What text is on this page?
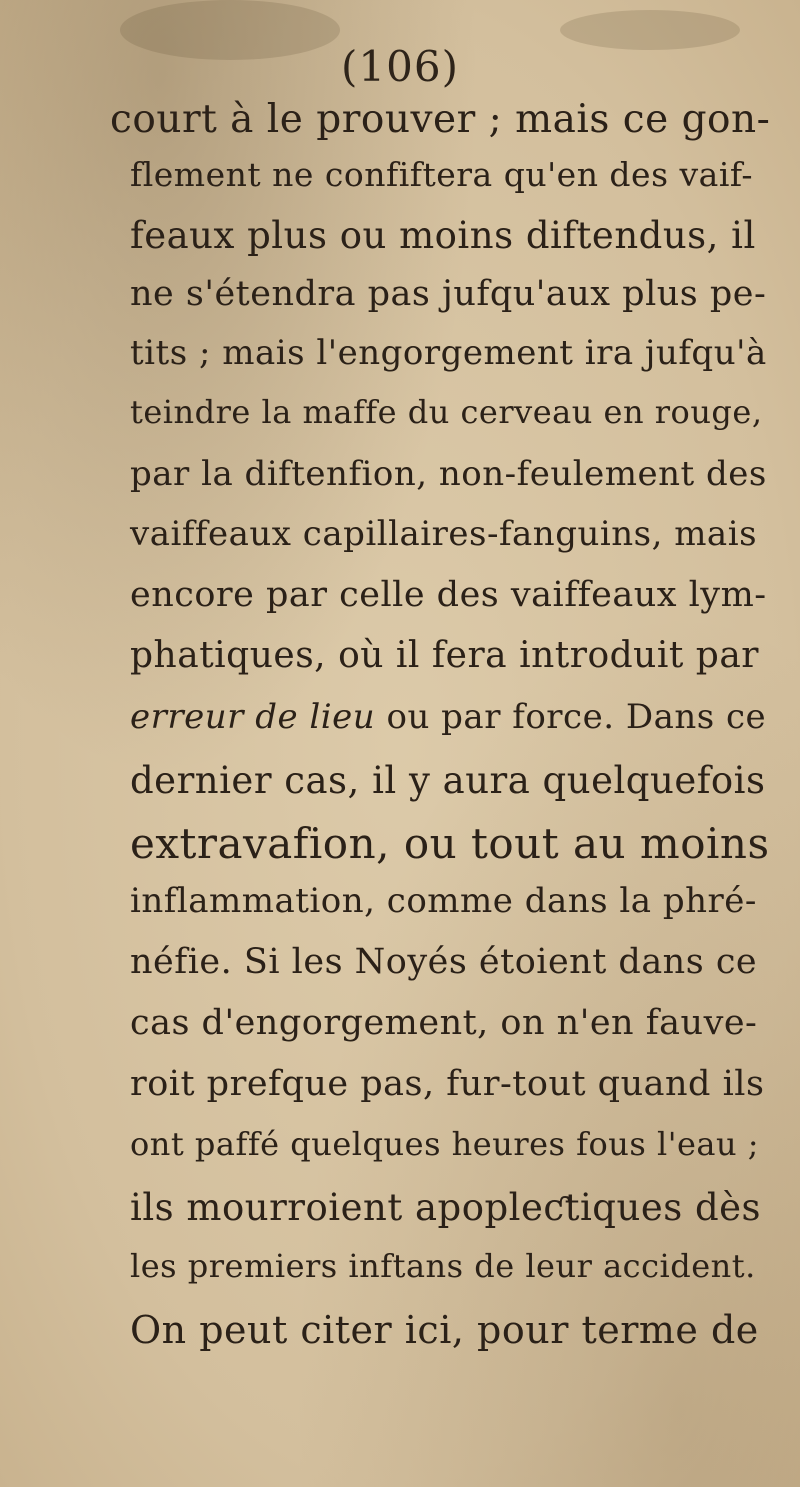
(106)
court à le prouver ; mais ce gon-
flement ne confiftera qu'en des vaif-
feaux plus ou moins diftendus, il
ne s'étendra pas jufqu'aux plus pe-
tits ; mais l'engorgement ira jufqu'à
teindre la maffe du cerveau en rouge,
par la diftenfion, non-feulement des
vaiffeaux capillaires-fanguins, mais
encore par celle des vaiffeaux lym-
phatiques, où il fera introduit par
erreur de lieu ou par force. Dans ce
dernier cas, il y aura quelquefois
extravafion, ou tout au moins
inflammation, comme dans la phré-
néfie. Si les Noyés étoient dans ce
cas d'engorgement, on n'en fauve-
roit prefque pas, fur-tout quand ils
ont paffé quelques heures fous l'eau ;
ils mourroient apopleƈtiques dès
les premiers inftans de leur accident.
On peut citer ici, pour terme de
